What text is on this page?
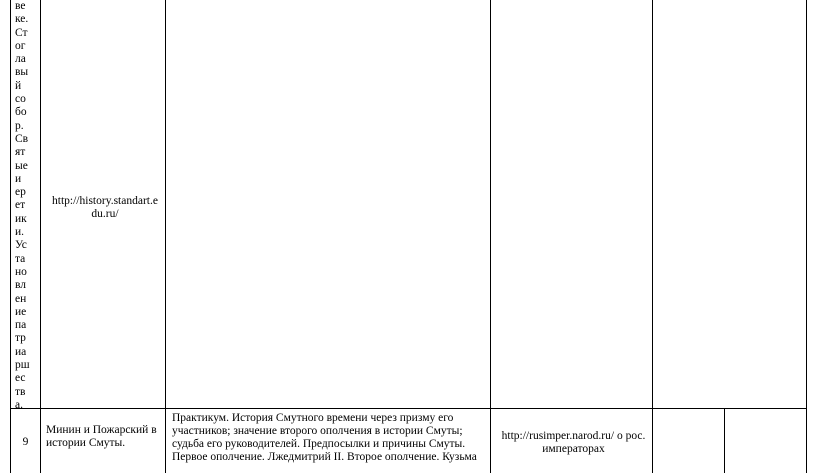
ве
ке.
Ст
ог
ла
вы
й
со
бо
р.
Св
ят
ые
и
ер
ет
ик
и.
Ус
та
но
вл
ен
ие
па
тр
иа
рш
ес
тв
а.
http://history.standart.e du.ru/
9
Минин и Пожарский в истории Смуты.
Практикум. История Смутного времени через призму его участников; значение второго ополчения в истории Смуты; судьба его руководителей. Предпосылки и причины Смуты. Первое ополчение. Лжедмитрий II. Второе ополчение. Кузьма
http://rusimper.narod.ru/ о рос. императорах
